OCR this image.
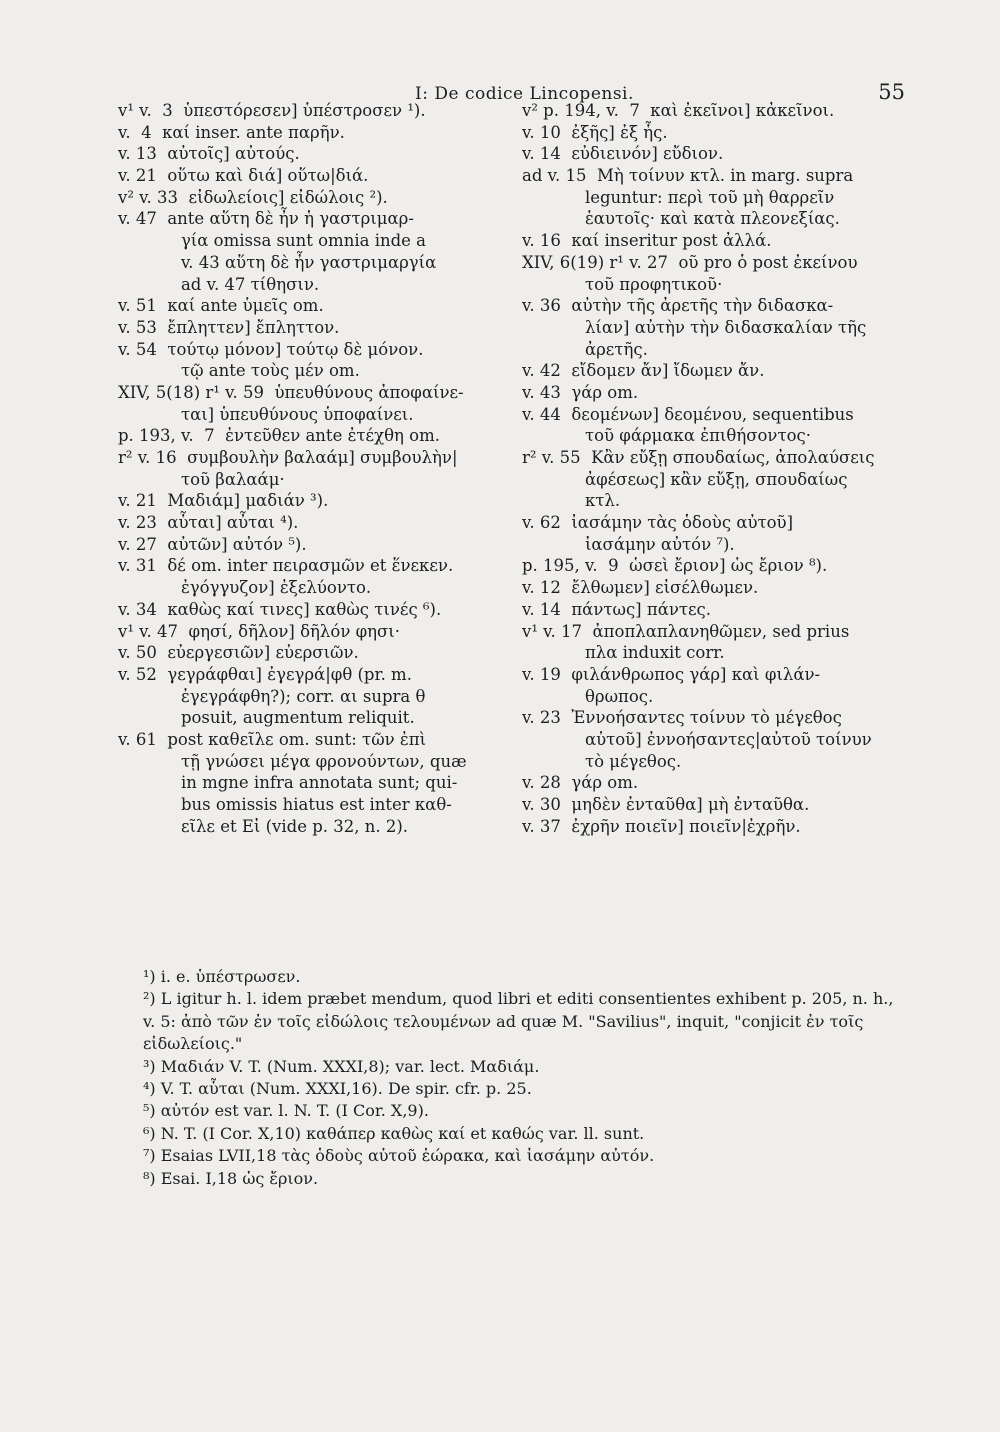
I: De codice Lincopensi.	55
v¹ v.  3  ὑπεστόρεσεν] ὑπέστροσεν ¹).
v.  4  καί inser. ante παρῆν.
v. 13  αὐτοῖς] αὐτούς.
v. 21  οὕτω καὶ διά] οὕτω|διά.
v² v. 33  εἰδωλείοις] εἰδώλοις ²).
v. 47  ante αὕτη δὲ ἦν ἡ γαστριμαρ-
γία omissa sunt omnia inde a
v. 43 αὕτη δὲ ἦν γαστριμαργία
ad v. 47 τίθησιν.
v. 51  καί ante ὑμεῖς om.
v. 53  ἔπληττεν] ἔπληττον.
v. 54  τούτῳ μόνον] τούτῳ δὲ μόνον.
τῷ ante τοὺς μέν om.
XIV, 5(18) r¹ v. 59  ὑπευθύνους ἀποφαίνε-
ται] ὑπευθύνους ὑποφαίνει.
p. 193, v.  7  ἐντεῦθεν ante ἐτέχθη om.
r² v. 16  συμβουλὴν βαλαάμ] συμβουλὴν|
τοῦ βαλαάμ·
v. 21  Μαδιάμ] μαδιάν ³).
v. 23  αὗται] αὖται ⁴).
v. 27  αὐτῶν] αὐτόν ⁵).
v. 31  δέ om. inter πειρασμῶν et ἕνεκεν.
ἐγόγγυζον] ἐξελύοντο.
v. 34  καθὼς καί τινες] καθὼς τινές ⁶).
v¹ v. 47  φησί, δῆλον] δῆλόν φησι·
v. 50  εὐεργεσιῶν] εὐερσιῶν.
v. 52  γεγράφθαι] ἐγεγρά|φθ (pr. m.
ἐγεγράφθη?); corr. αι supra θ
posuit, augmentum reliquit.
v. 61  post καθεῖλε om. sunt: τῶν ἐπὶ
τῇ γνώσει μέγα φρονούντων, quæ
in mgne infra annotata sunt; qui-
bus omissis hiatus est inter καθ-
εῖλε et Εἰ (vide p. 32, n. 2).
v² p. 194, v.  7  καὶ ἐκεῖνοι] κἀκεῖνοι.
v. 10  ἐξῆς] ἐξ ἧς.
v. 14  εὐδιεινόν] εὔδιον.
ad v. 15  Μὴ τοίνυν κτλ. in marg. supra
leguntur: περὶ τοῦ μὴ θαρρεῖν
ἑαυτοῖς· καὶ κατὰ πλεονεξίας.
v. 16  καί inseritur post ἀλλά.
XIV, 6(19) r¹ v. 27  οῦ pro ὁ post ἐκείνου
τοῦ προφητικοῦ·
v. 36  αὐτὴν τῆς ἀρετῆς τὴν διδασκα-
λίαν] αὐτὴν τὴν διδασκαλίαν τῆς
ἀρετῆς.
v. 42  εἴδομεν ἄν] ἴδωμεν ἄν.
v. 43  γάρ om.
v. 44  δεομένων] δεομένου, sequentibus
τοῦ φάρμακα ἐπιθήσοντος·
r² v. 55  Κἂν εὔξῃ σπουδαίως, ἀπολαύσεις
ἀφέσεως] κἂν εὔξῃ, σπουδαίως
κτλ.
v. 62  ἰασάμην τὰς ὁδοὺς αὐτοῦ]
ἰασάμην αὐτόν ⁷).
p. 195, v.  9  ὡσεὶ ἔριον] ὡς ἔριον ⁸).
v. 12  ἔλθωμεν] εἰσέλθωμεν.
v. 14  πάντως] πάντες.
v¹ v. 17  ἀποπλαπλανηθῶμεν, sed prius
πλα induxit corr.
v. 19  φιλάνθρωπος γάρ] καὶ φιλάν-
θρωπος.
v. 23  Ἐννοήσαντες τοίνυν τὸ μέγεθος
αὐτοῦ] ἐννοήσαντες|αὐτοῦ τοίνυν
τὸ μέγεθος.
v. 28  γάρ om.
v. 30  μηδὲν ἐνταῦθα] μὴ ἐνταῦθα.
v. 37  ἐχρῆν ποιεῖν] ποιεῖν|ἐχρῆν.
¹) i. e. ὑπέστρωσεν.
²) L igitur h. l. idem præbet mendum, quod libri et editi consentientes exhibent p. 205, n. h., v. 5: ἀπὸ τῶν ἐν τοῖς εἰδώλοις τελουμένων ad quæ M. "Savilius", inquit, "conjicit ἐν τοῖς εἰδωλείοις."
³) Μαδιάν V. T. (Num. XXXI,8); var. lect. Μαδιάμ.
⁴) V. T. αὗται (Num. XXXI,16). De spir. cfr. p. 25.
⁵) αὐτόν est var. l. N. T. (I Cor. X,9).
⁶) N. T. (I Cor. X,10) καθάπερ καθὼς καί et καθώς var. ll. sunt.
⁷) Esaias LVII,18 τὰς ὁδοὺς αὐτοῦ ἑώρακα, καὶ ἰασάμην αὐτόν.
⁸) Esai. I,18 ὡς ἔριον.
